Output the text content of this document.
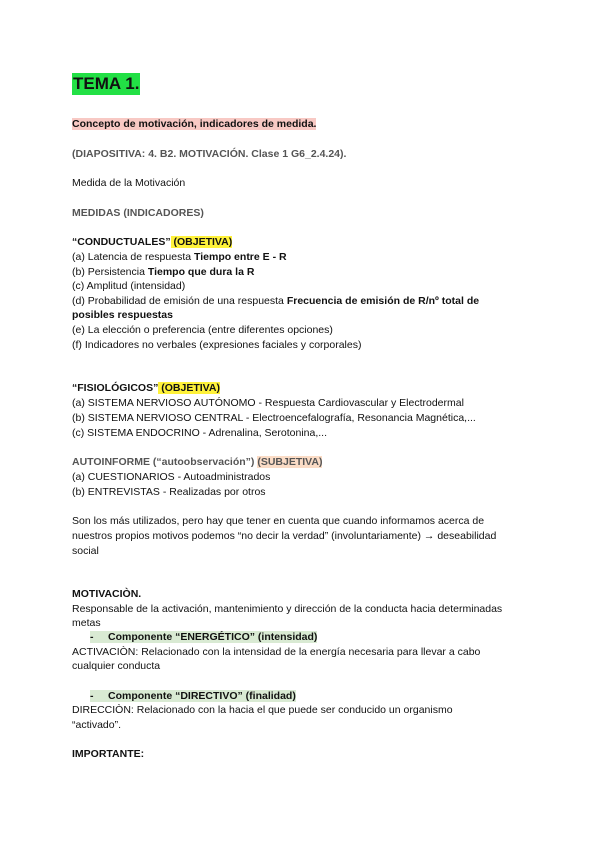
TEMA 1.
Concepto de motivación, indicadores de medida.
(DIAPOSITIVA: 4. B2. MOTIVACIÓN. Clase 1 G6_2.4.24).
Medida de la Motivación
MEDIDAS (INDICADORES)
“CONDUCTUALES” (OBJETIVA)
(a) Latencia de respuesta Tiempo entre E - R
(b) Persistencia Tiempo que dura la R
(c) Amplitud (intensidad)
(d) Probabilidad de emisión de una respuesta Frecuencia de emisión de R/nº total de
posibles respuestas
(e) La elección o preferencia (entre diferentes opciones)
(f) Indicadores no verbales (expresiones faciales y corporales)
“FISIOLÓGICOS” (OBJETIVA)
(a) SISTEMA NERVIOSO AUTÓNOMO - Respuesta Cardiovascular y Electrodermal
(b) SISTEMA NERVIOSO CENTRAL - Electroencefalografía, Resonancia Magnética,...
(c) SISTEMA ENDOCRINO - Adrenalina, Serotonina,...
AUTOINFORME (“autoobservación”) (SUBJETIVA)
(a) CUESTIONARIOS - Autoadministrados
(b) ENTREVISTAS - Realizadas por otros
Son los más utilizados, pero hay que tener en cuenta que cuando informamos acerca de
nuestros propios motivos podemos “no decir la verdad” (involuntariamente) → deseabilidad
social
MOTIVACIÒN.
Responsable de la activación, mantenimiento y dirección de la conducta hacia determinadas
metas
- Componente “ENERGÉTICO” (intensidad)
ACTIVACIÒN: Relacionado con la intensidad de la energía necesaria para llevar a cabo
cualquier conducta
- Componente “DIRECTIVO” (finalidad)
DIRECCIÒN: Relacionado con la hacia el que puede ser conducido un organismo
“activado”.
IMPORTANTE:
